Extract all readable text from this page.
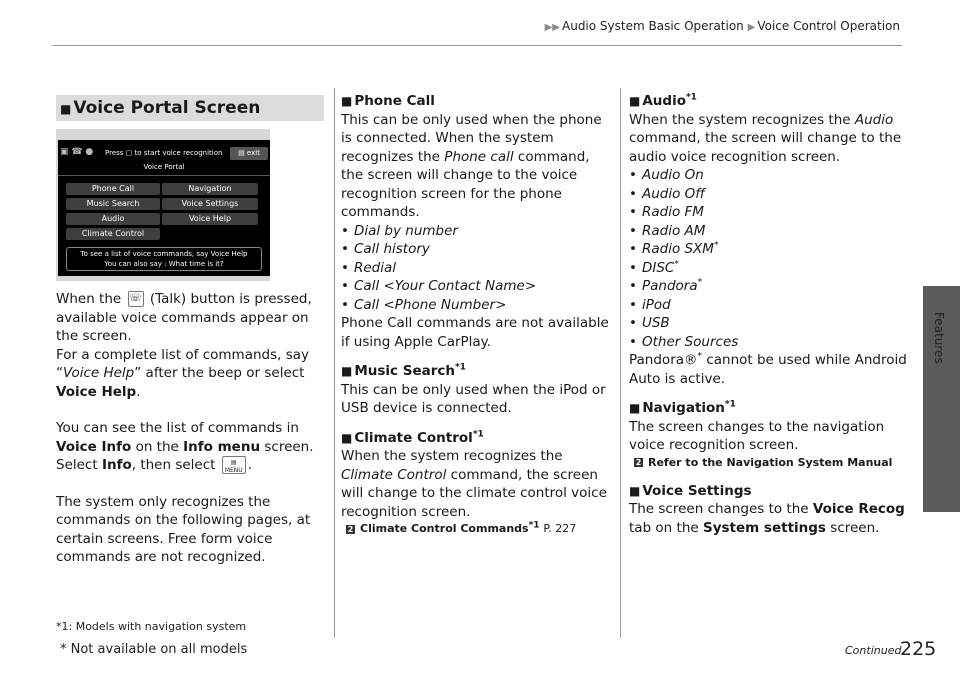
▶▶ Audio System Basic Operation ▶ Voice Control Operation
Features
■ Voice Portal Screen
▣ ☎ ● Press ▢ to start voice recognition	▤ exit
Voice Portal
Phone Call	Navigation
Music Search	Voice Settings
Audio	Voice Help
Climate Control
To see a list of voice commands, say Voice Help
You can also say : What time is it?

When the ☏ (Talk) button is pressed, available voice commands appear on the screen.

For a complete list of commands, say “Voice Help” after the beep or select Voice Help.

You can see the list of commands in Voice Info on the Info menu screen. Select Info, then select	▤
MENU .

The system only recognizes the commands on the following pages, at certain screens. Free form voice commands are not recognized.

*1: Models with navigation system
* Not available on all models

■ Phone Call

This can be only used when the phone is connected. When the system recognizes the Phone call command, the screen will change to the voice recognition screen for the phone commands.

• Dial by number

• Call history

• Redial

• Call <Your Contact Name>

• Call <Phone Number>

Phone Call commands are not available if using Apple CarPlay.

■ Music Search$^{*1}$

This can be only used when the iPod or USB device is connected.

■ Climate Control$^{*1}$

When the system recognizes the Climate Control command, the screen will change to the climate control voice recognition screen.

2 Climate Control Commands$^{*1}$ P. 227

■ Audio$^{*1}$

When the system recognizes the Audio command, the screen will change to the audio voice recognition screen.

• Audio On

• Audio Off

• Radio FM

• Radio AM

• Radio SXM*

• DISC*

• Pandora*

• iPod

• USB

• Other Sources

Pandora®* cannot be used while Android Auto is active.

■ Navigation$^{*1}$

The screen changes to the navigation voice recognition screen.

2 Refer to the Navigation System Manual

■ Voice Settings

The screen changes to the Voice Recog tab on the System settings screen.

Continued
225
